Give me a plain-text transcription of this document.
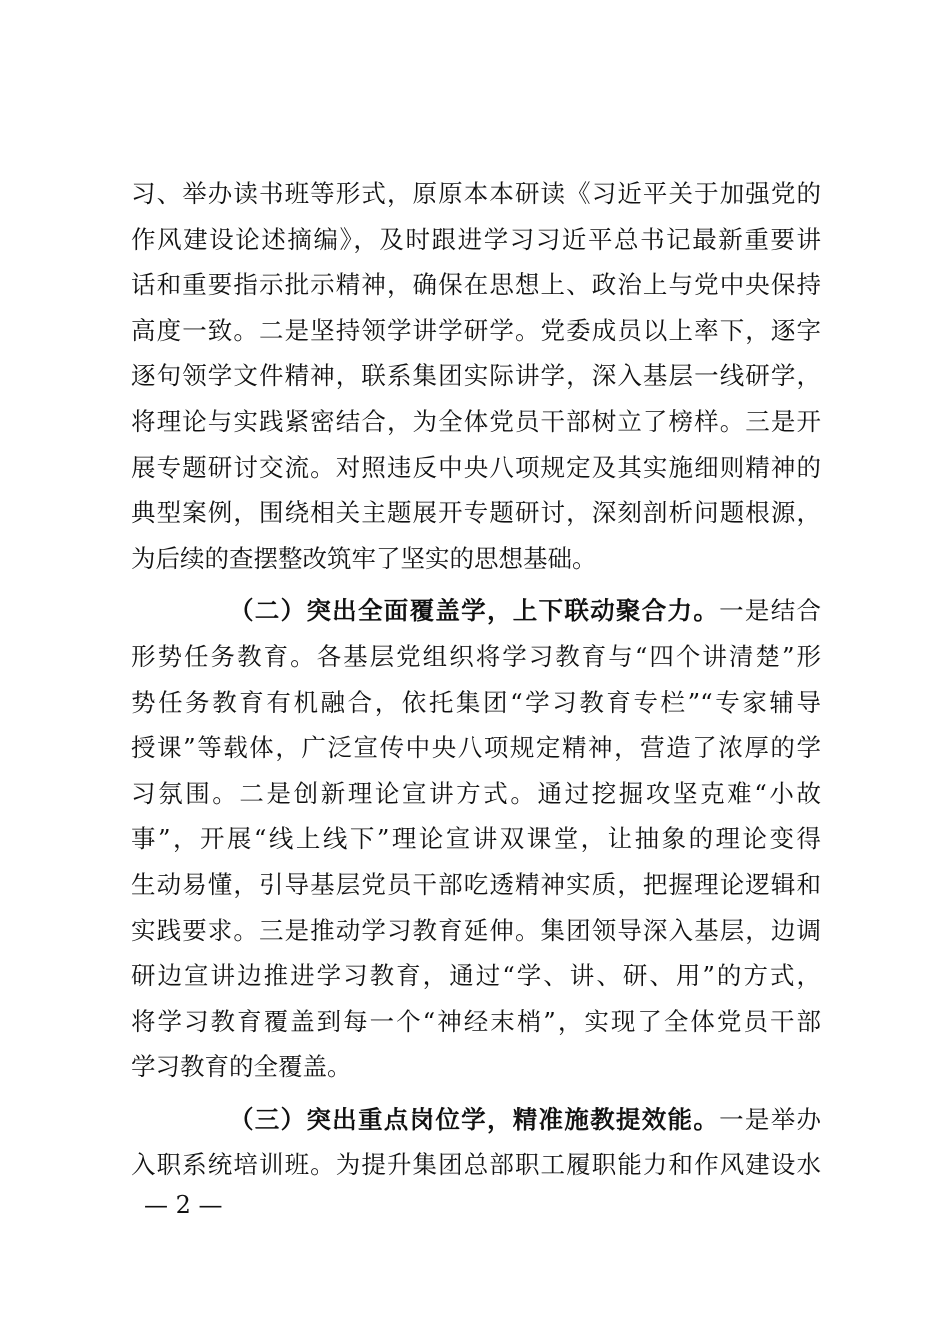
习、举办读书班等形式，原原本本研读《习近平关于加强党的
作风建设论述摘编》，及时跟进学习习近平总书记最新重要讲
话和重要指示批示精神，确保在思想上、政治上与党中央保持
高度一致。二是坚持领学讲学研学。党委成员以上率下，逐字
逐句领学文件精神，联系集团实际讲学，深入基层一线研学，
将理论与实践紧密结合，为全体党员干部树立了榜样。三是开
展专题研讨交流。对照违反中央八项规定及其实施细则精神的
典型案例，围绕相关主题展开专题研讨，深刻剖析问题根源，
为后续的查摆整改筑牢了坚实的思想基础。
（二）突出全面覆盖学，上下联动聚合力。一是结合
形势任务教育。各基层党组织将学习教育与“四个讲清楚”形
势任务教育有机融合，依托集团“学习教育专栏”“专家辅导
授课”等载体，广泛宣传中央八项规定精神，营造了浓厚的学
习氛围。二是创新理论宣讲方式。通过挖掘攻坚克难“小故
事”，开展“线上线下”理论宣讲双课堂，让抽象的理论变得
生动易懂，引导基层党员干部吃透精神实质，把握理论逻辑和
实践要求。三是推动学习教育延伸。集团领导深入基层，边调
研边宣讲边推进学习教育，通过“学、讲、研、用”的方式，
将学习教育覆盖到每一个“神经末梢”，实现了全体党员干部
学习教育的全覆盖。
（三）突出重点岗位学，精准施教提效能。一是举办
入职系统培训班。为提升集团总部职工履职能力和作风建设水
— 2 —
